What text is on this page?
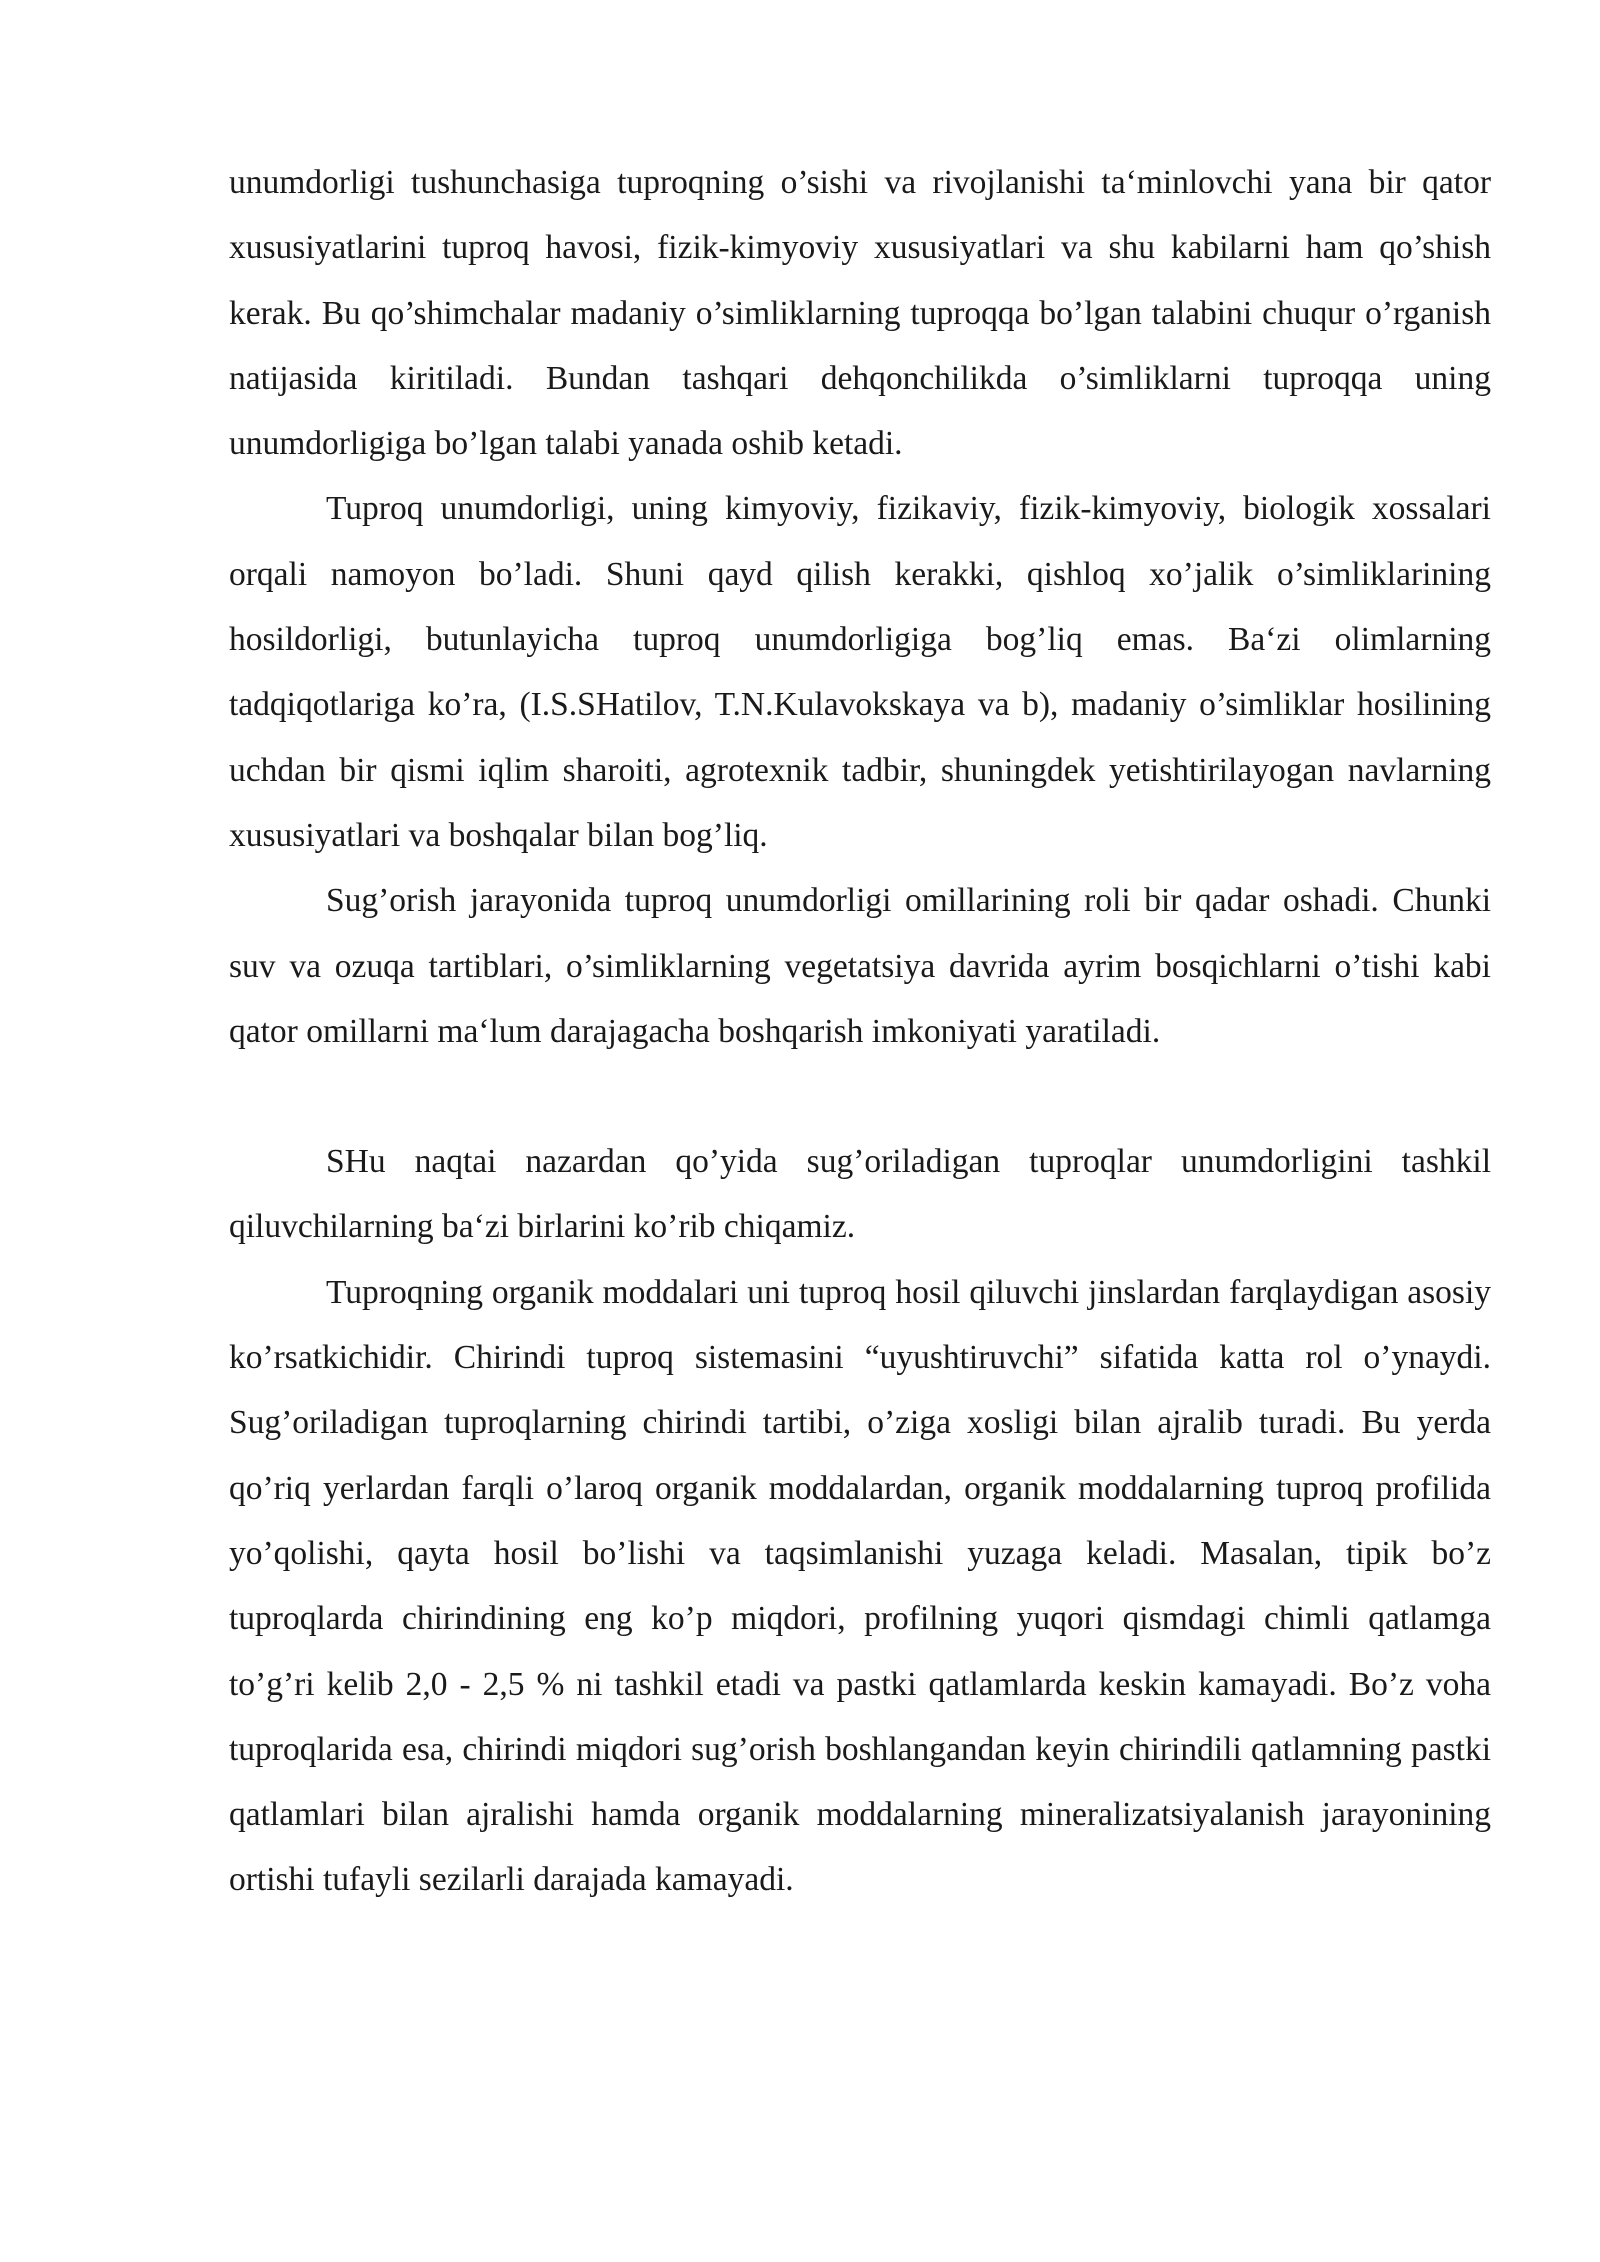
unumdorligi tushunchasiga tuproqning o’sishi va rivojlanishi ta‘minlovchi yana bir qator xususiyatlarini tuproq havosi, fizik-kimyoviy xususiyatlari va shu kabilarni ham qo’shish kerak. Bu qo’shimchalar madaniy o’simliklarning tuproqqa bo’lgan talabini chuqur o’rganish natijasida kiritiladi. Bundan tashqari dehqonchilikda o’simliklarni tuproqqa uning unumdorligiga bo’lgan talabi yanada oshib ketadi.

Tuproq unumdorligi, uning kimyoviy, fizikaviy, fizik-kimyoviy, biologik xossalari orqali namoyon bo’ladi. Shuni qayd qilish kerakki, qishloq xo’jalik o’simliklarining hosildorligi, butunlayicha tuproq unumdorligiga bog’liq emas. Ba‘zi olimlarning tadqiqotlariga ko’ra, (I.S.SHatilov, T.N.Kulavokskaya va b), madaniy o’simliklar hosilining uchdan bir qismi iqlim sharoiti, agrotexnik tadbir, shuningdek yetishtirilayogan navlarning xususiyatlari va boshqalar bilan bog’liq.

Sug’orish jarayonida tuproq unumdorligi omillarining roli bir qadar oshadi. Chunki suv va ozuqa tartiblari, o’simliklarning vegetatsiya davrida ayrim bosqichlarni o’tishi kabi qator omillarni ma‘lum darajagacha boshqarish imkoniyati yaratiladi.

SHu naqtai nazardan qo’yida sug’oriladigan tuproqlar unumdorligini tashkil qiluvchilarning ba‘zi birlarini ko’rib chiqamiz.

Tuproqning organik moddalari uni tuproq hosil qiluvchi jinslardan farqlaydigan asosiy ko’rsatkichidir. Chirindi tuproq sistemasini “uyushtiruvchi” sifatida katta rol o’ynaydi. Sug’oriladigan tuproqlarning chirindi tartibi, o’ziga xosligi bilan ajralib turadi. Bu yerda qo’riq yerlardan farqli o’laroq organik moddalardan, organik moddalarning tuproq profilida yo’qolishi, qayta hosil bo’lishi va taqsimlanishi yuzaga keladi. Masalan, tipik bo’z tuproqlarda chirindining eng ko’p miqdori, profilning yuqori qismdagi chimli qatlamga to’g’ri kelib 2,0 - 2,5 % ni tashkil etadi va pastki qatlamlarda keskin kamayadi. Bo’z voha tuproqlarida esa, chirindi miqdori sug’orish boshlangandan keyin chirindili qatlamning pastki qatlamlari bilan ajralishi hamda organik moddalarning mineralizatsiyalanish jarayonining ortishi tufayli sezilarli darajada kamayadi.
